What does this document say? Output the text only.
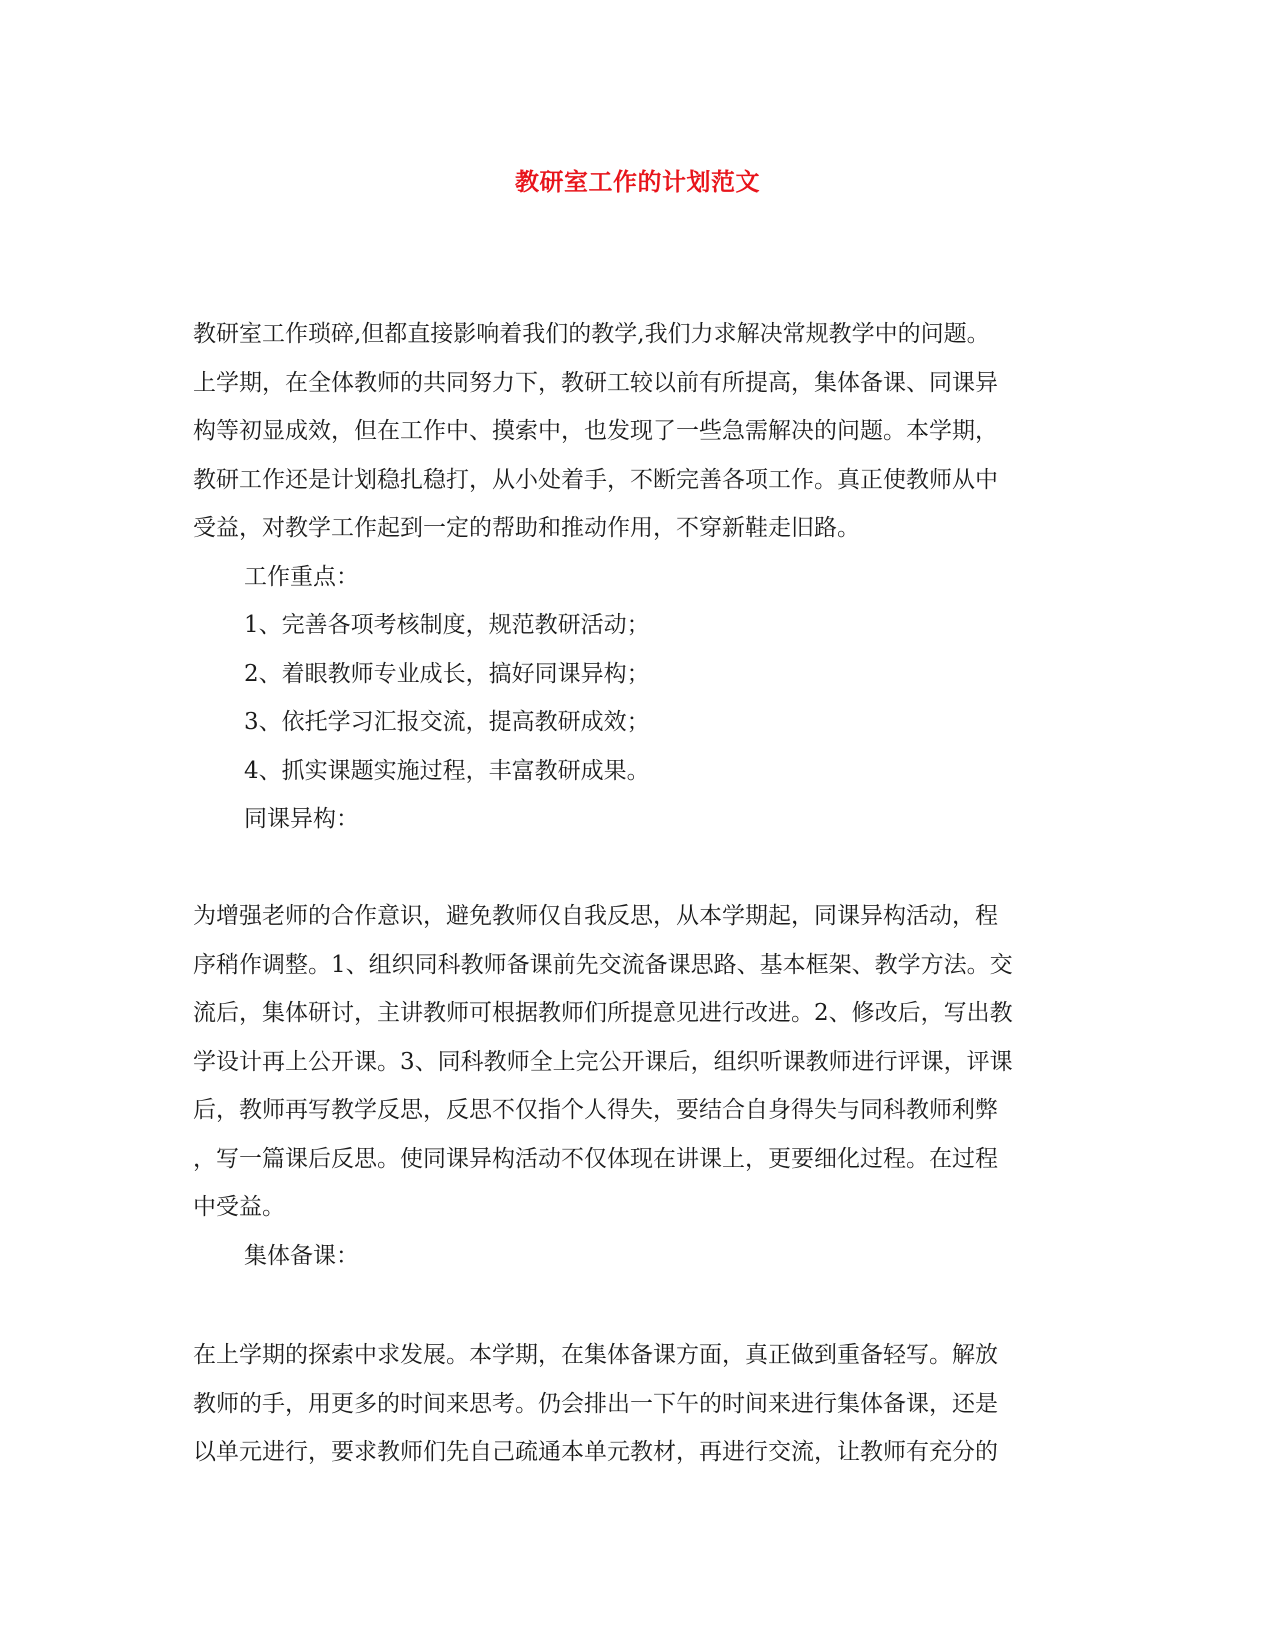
教研室工作的计划范文

教研室工作琐碎,但都直接影响着我们的教学,我们力求解决常规教学中的问题。
上学期，在全体教师的共同努力下，教研工较以前有所提高，集体备课、同课异
构等初显成效，但在工作中、摸索中，也发现了一些急需解决的问题。本学期，
教研工作还是计划稳扎稳打，从小处着手，不断完善各项工作。真正使教师从中
受益，对教学工作起到一定的帮助和推动作用，不穿新鞋走旧路。

工作重点：
1、完善各项考核制度，规范教研活动；
2、着眼教师专业成长，搞好同课异构；
3、依托学习汇报交流，提高教研成效；
4、抓实课题实施过程，丰富教研成果。
同课异构：

为增强老师的合作意识，避免教师仅自我反思，从本学期起，同课异构活动，程
序稍作调整。1、组织同科教师备课前先交流备课思路、基本框架、教学方法。交
流后，集体研讨，主讲教师可根据教师们所提意见进行改进。2、修改后，写出教
学设计再上公开课。3、同科教师全上完公开课后，组织听课教师进行评课，评课
后，教师再写教学反思，反思不仅指个人得失，要结合自身得失与同科教师利弊
，写一篇课后反思。使同课异构活动不仅体现在讲课上，更要细化过程。在过程
中受益。

集体备课：

在上学期的探索中求发展。本学期，在集体备课方面，真正做到重备轻写。解放
教师的手，用更多的时间来思考。仍会排出一下午的时间来进行集体备课，还是
以单元进行，要求教师们先自己疏通本单元教材，再进行交流，让教师有充分的
